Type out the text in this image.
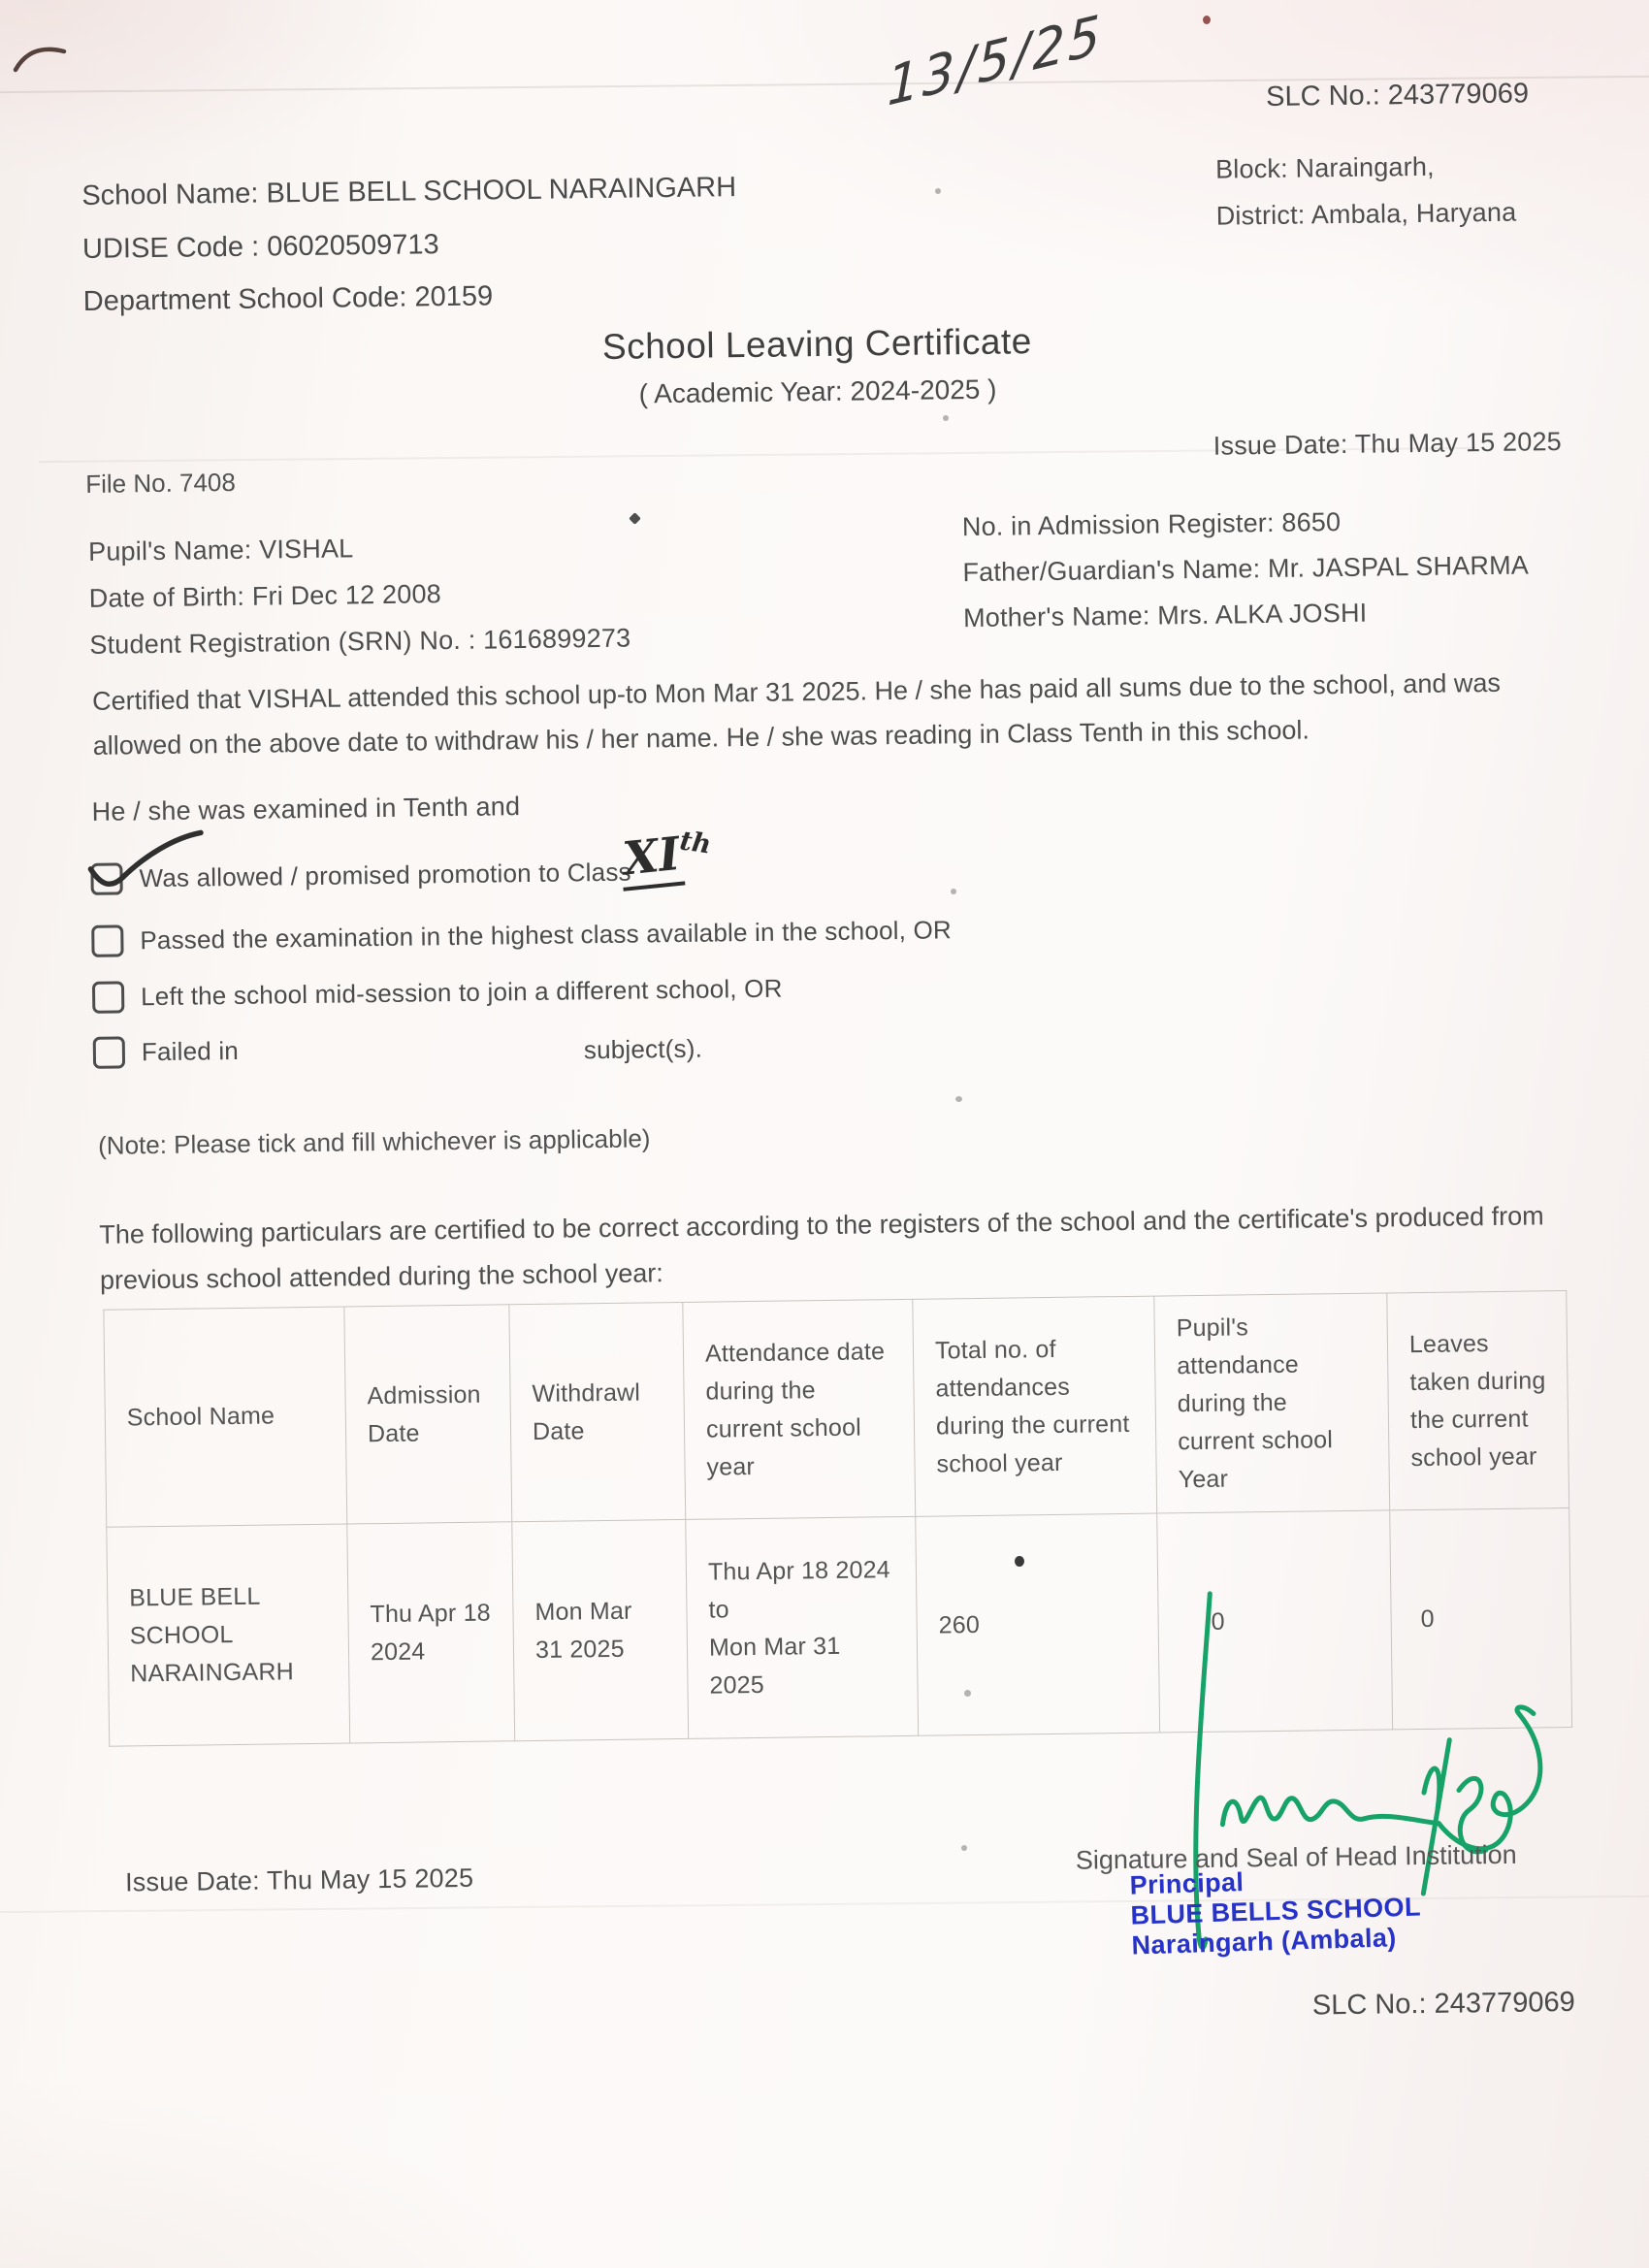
13/5/25	SLC No.: 243779069
Block: Naraingarh,
District: Ambala, Haryana
School Name: BLUE BELL SCHOOL NARAINGARH
UDISE Code : 06020509713
Department School Code: 20159
School Leaving Certificate
( Academic Year: 2024-2025 )
Issue Date: Thu May 15 2025
File No. 7408
Pupil's Name: VISHAL
Date of Birth: Fri Dec 12 2008
Student Registration (SRN) No. : 1616899273
No. in Admission Register: 8650
Father/Guardian's Name: Mr. JASPAL SHARMA
Mother's Name: Mrs. ALKA JOSHI
Certified that VISHAL attended this school up-to Mon Mar 31 2025. He / she has paid all sums due to the school, and was allowed on the above date to withdraw his / her name. He / she was reading in Class Tenth in this school.
He / she was examined in Tenth and
Was allowed / promised promotion to Class
XIth
Passed the examination in the highest class available in the school, OR
Left the school mid-session to join a different school, OR
Failed in	subject(s).
(Note: Please tick and fill whichever is applicable)
The following particulars are certified to be correct according to the registers of the school and the certificate's produced from previous school attended during the school year:
School Name	Admission Date	Withdrawl Date	Attendance date during the current school year	Total no. of attendances during the current school year	Pupil's attendance during the current school Year	Leaves taken during the current school year
BLUE BELL SCHOOL NARAINGARH	Thu Apr 18 2024	Mon Mar 31 2025	Thu Apr 18 2024
to
Mon Mar 31
2025	260	0	0
Issue Date: Thu May 15 2025
Signature and Seal of Head Institution
Principal
BLUE BELLS SCHOOL
Naraingarh (Ambala)
SLC No.: 243779069
